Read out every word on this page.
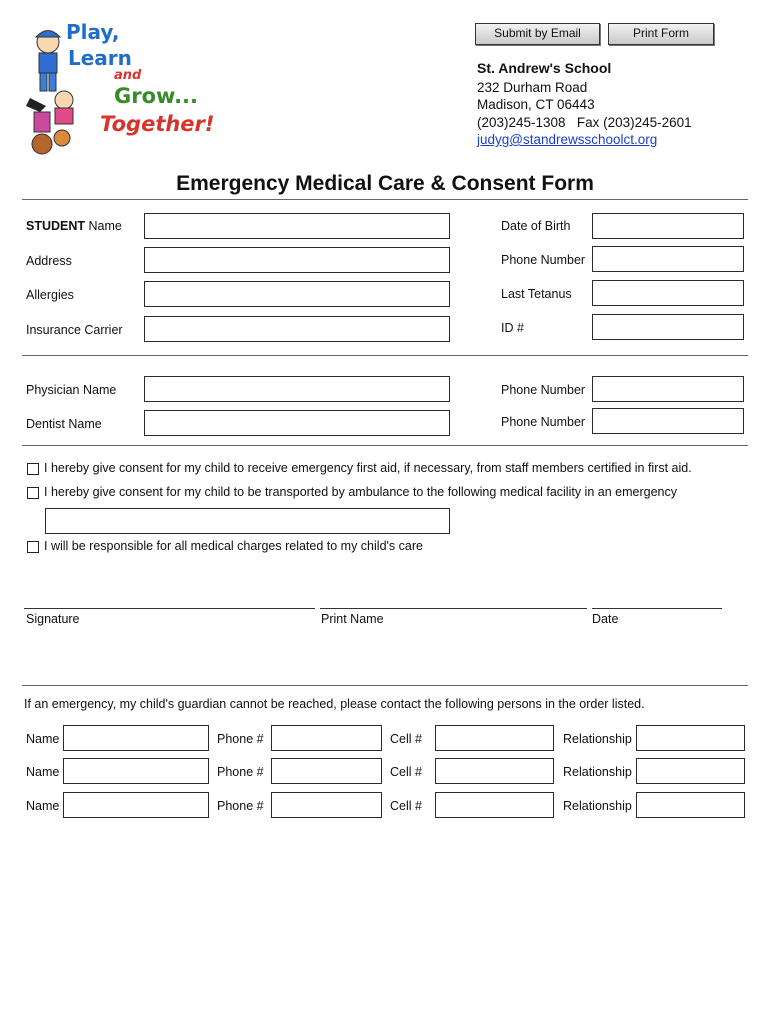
Submit by Email	Print Form
Play,
Learn
and
Grow...
Together!
St. Andrew's School
232 Durham Road
Madison, CT 06443
(203)245-1308   Fax (203)245-2601
judyg@standrewsschoolct.org
Emergency Medical Care & Consent Form
STUDENT Name	Date of Birth
Address	Phone Number
Allergies	Last Tetanus
Insurance Carrier	ID #
Physician Name	Phone Number
Dentist Name	Phone Number
I hereby give consent for my child to receive emergency first aid, if necessary, from staff members certified in first aid.
I hereby give consent for my child to be transported by ambulance to the following medical facility in an emergency
I will be responsible for all medical charges related to my child's care
Signature	Print Name	Date
If an emergency, my child's guardian cannot be reached, please contact the following persons in the order listed.
Name	Phone #	Cell #	Relationship
Name	Phone #	Cell #	Relationship
Name	Phone #	Cell #	Relationship
